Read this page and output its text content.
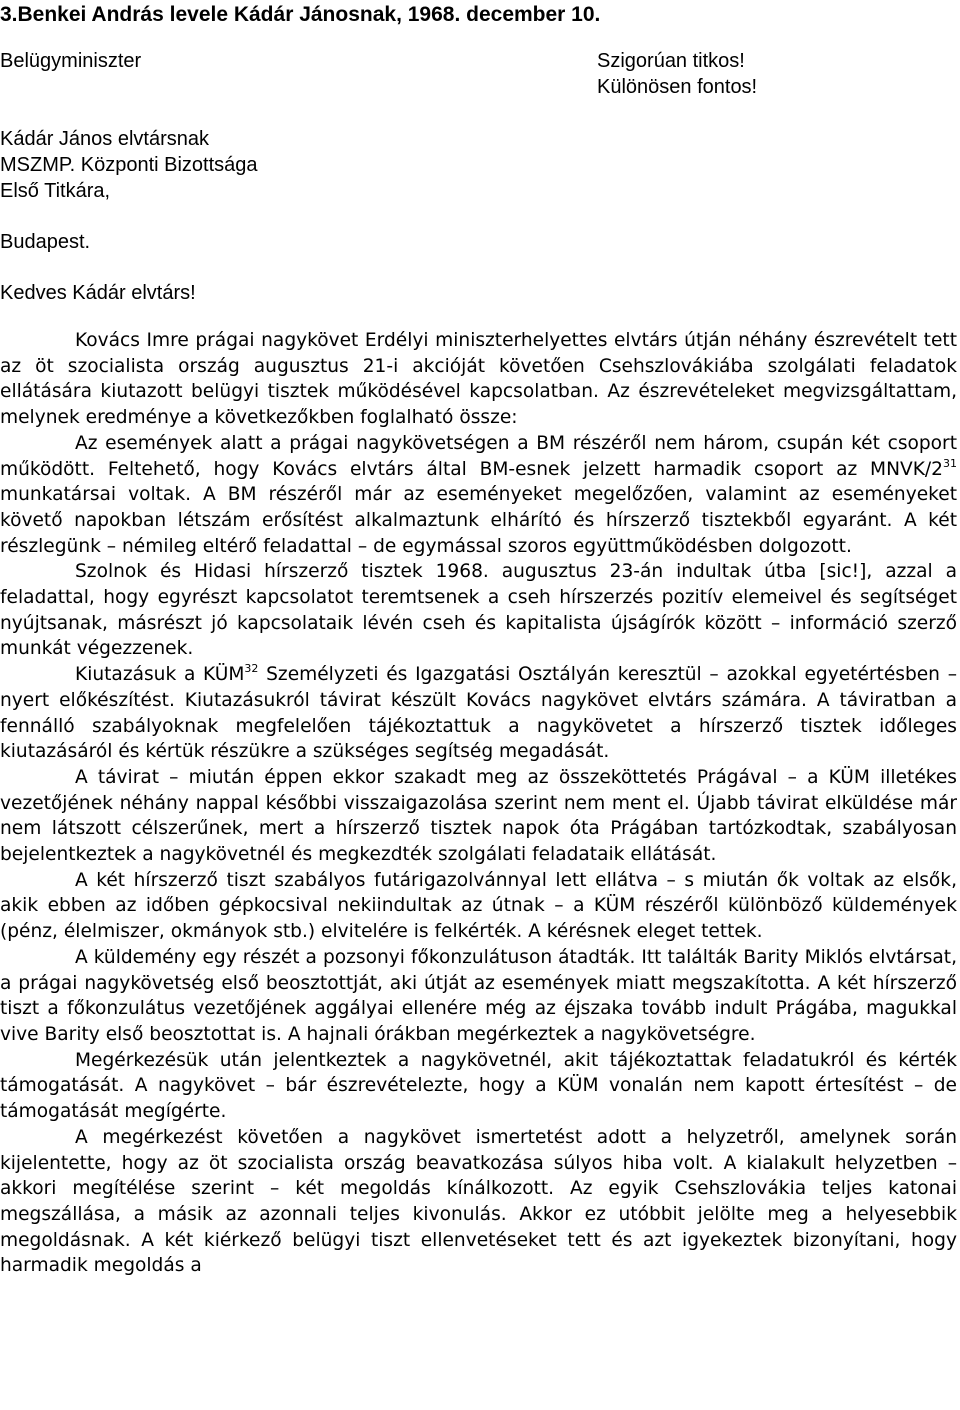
3.Benkei András levele Kádár Jánosnak, 1968. december 10.
Belügyminiszter	Szigorúan titkos!
Különösen fontos!
Kádár János elvtársnak
MSZMP. Központi Bizottsága
Első Titkára,
Budapest.
Kedves Kádár elvtárs!

Kovács Imre prágai nagykövet Erdélyi miniszterhelyettes elvtárs útján néhány észrevételt tett az öt szocialista ország augusztus 21-i akcióját követően Csehszlovákiába szolgálati feladatok ellátására kiutazott belügyi tisztek működésével kapcsolatban. Az észrevételeket megvizsgáltattam, melynek eredménye a következőkben foglalható össze:

Az események alatt a prágai nagykövetségen a BM részéről nem három, csupán két csoport működött. Feltehető, hogy Kovács elvtárs által BM-esnek jelzett harmadik csoport az MNVK/$2^{31}$ munkatársai voltak. A BM részéről már az eseményeket megelőzően, valamint az eseményeket követő napokban létszám erősítést alkalmaztunk elhárító és hírszerző tisztekből egyaránt. A két részlegünk – némileg eltérő feladattal – de egymással szoros együttműködésben dolgozott.

Szolnok és Hidasi hírszerző tisztek 1968. augusztus 23-án indultak útba [sic!], azzal a feladattal, hogy egyrészt kapcsolatot teremtsenek a cseh hírszerzés pozitív elemeivel és segítséget nyújtsanak, másrészt jó kapcsolataik lévén cseh és kapitalista újságírók között – információ szerző munkát végezzenek.

Kiutazásuk a KÜM$^{32}$ Személyzeti és Igazgatási Osztályán keresztül – azokkal egyetértésben – nyert előkészítést. Kiutazásukról távirat készült Kovács nagykövet elvtárs számára. A táviratban a fennálló szabályoknak megfelelően tájékoztattuk a nagykövetet a hírszerző tisztek időleges kiutazásáról és kértük részükre a szükséges segítség megadását.

A távirat – miután éppen ekkor szakadt meg az összeköttetés Prágával – a KÜM illetékes vezetőjének néhány nappal későbbi visszaigazolása szerint nem ment el. Újabb távirat elküldése már nem látszott célszerűnek, mert a hírszerző tisztek napok óta Prágában tartózkodtak, szabályosan bejelentkeztek a nagykövetnél és megkezdték szolgálati feladataik ellátását.

A két hírszerző tiszt szabályos futárigazolvánnyal lett ellátva – s miután ők voltak az elsők, akik ebben az időben gépkocsival nekiindultak az útnak – a KÜM részéről különböző küldemények (pénz, élelmiszer, okmányok stb.) elvitelére is felkérték. A kérésnek eleget tettek.

A küldemény egy részét a pozsonyi főkonzulátuson átadták. Itt találták Barity Miklós elvtársat, a prágai nagykövetség első beosztottját, aki útját az események miatt megszakította. A két hírszerző tiszt a főkonzulátus vezetőjének aggályai ellenére még az éjszaka tovább indult Prágába, magukkal vive Barity első beosztottat is. A hajnali órákban megérkeztek a nagykövetségre.

Megérkezésük után jelentkeztek a nagykövetnél, akit tájékoztattak feladatukról és kérték támogatását. A nagykövet – bár észrevételezte, hogy a KÜM vonalán nem kapott értesítést – de támogatását megígérte.

A megérkezést követően a nagykövet ismertetést adott a helyzetről, amelynek során kijelentette, hogy az öt szocialista ország beavatkozása súlyos hiba volt. A kialakult helyzetben – akkori megítélése szerint – két megoldás kínálkozott. Az egyik Csehszlovákia teljes katonai megszállása, a másik az azonnali teljes kivonulás. Akkor ez utóbbit jelölte meg a helyesebbik megoldásnak. A két kiérkező belügyi tiszt ellenvetéseket tett és azt igyekeztek bizonyítani, hogy harmadik megoldás a
